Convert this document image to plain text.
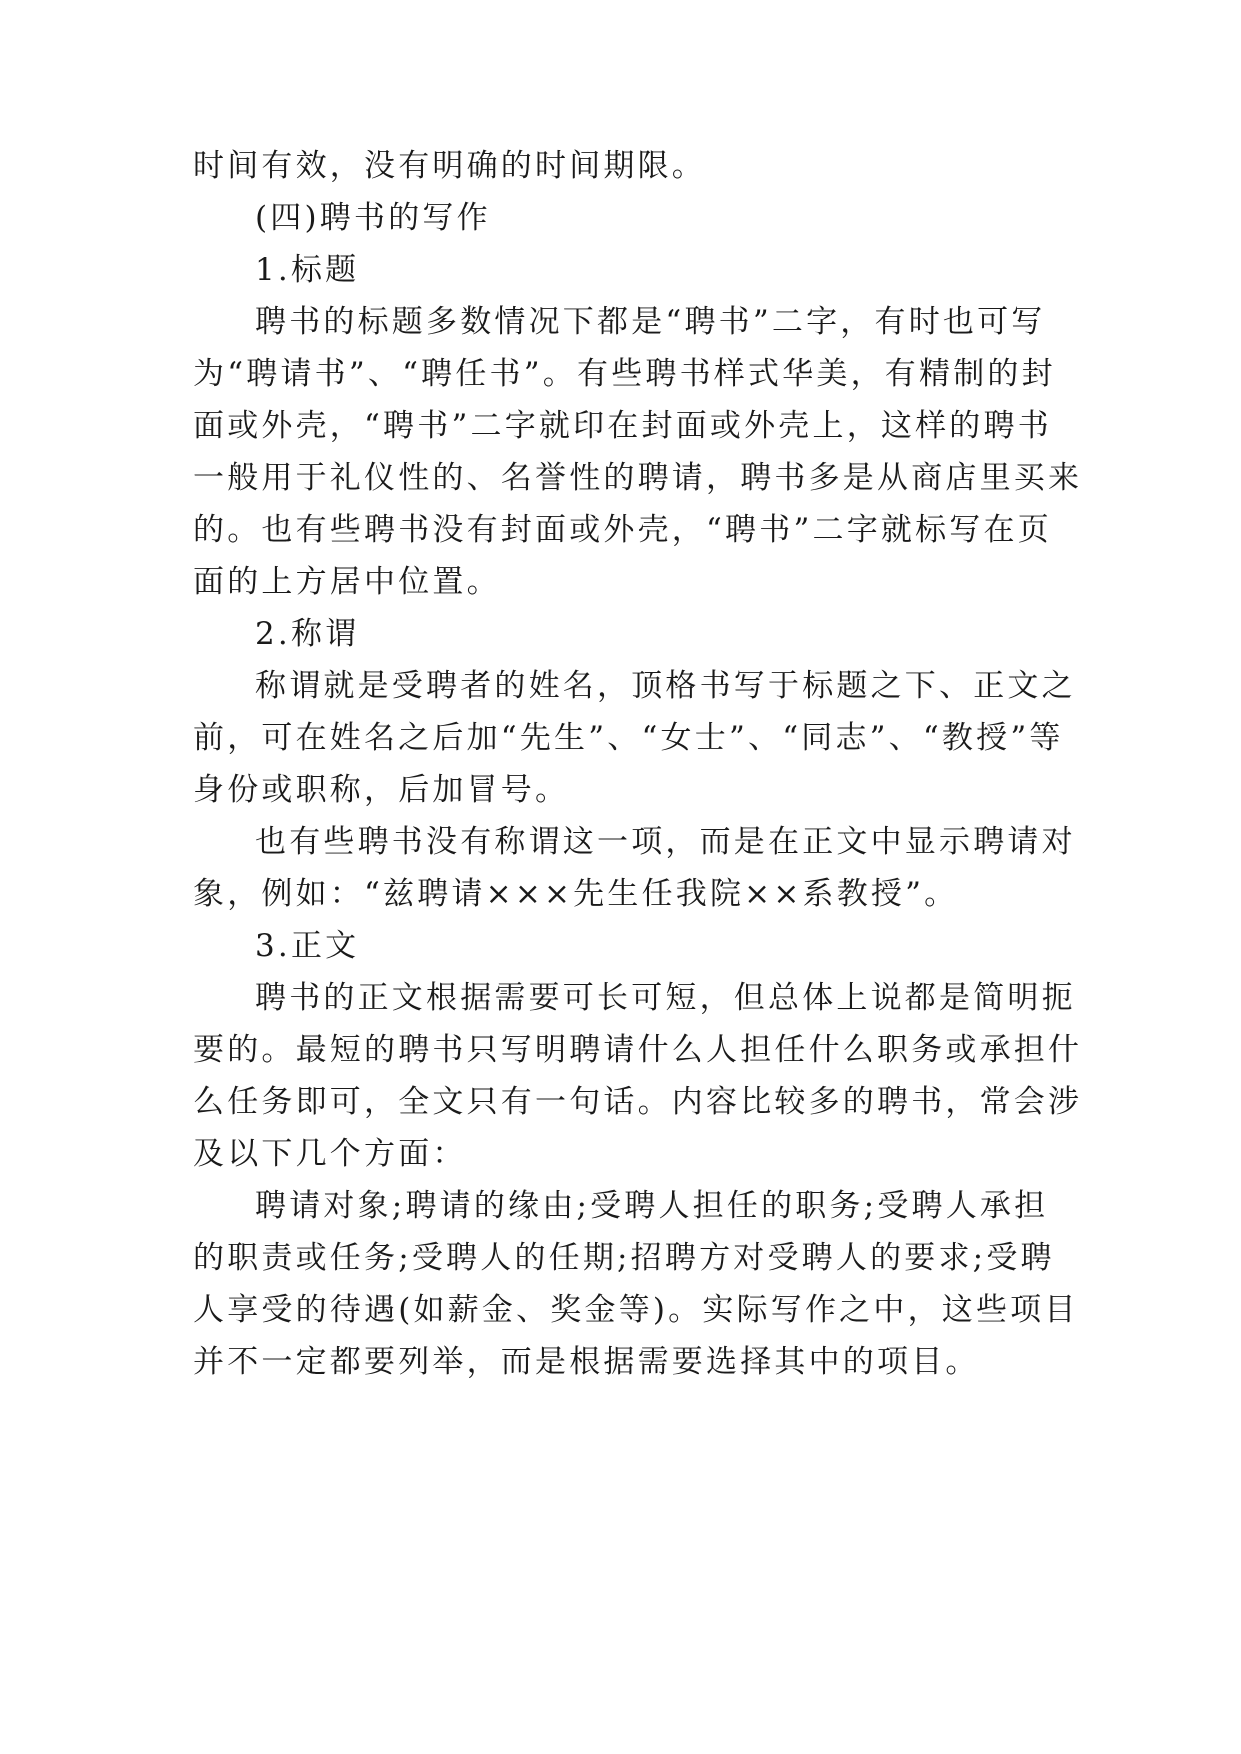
时间有效，没有明确的时间期限。
(四)聘书的写作
1.标题
聘书的标题多数情况下都是“聘书”二字，有时也可写
为“聘请书”、“聘任书”。有些聘书样式华美，有精制的封
面或外壳，“聘书”二字就印在封面或外壳上，这样的聘书
一般用于礼仪性的、名誉性的聘请，聘书多是从商店里买来
的。也有些聘书没有封面或外壳，“聘书”二字就标写在页
面的上方居中位置。
2.称谓
称谓就是受聘者的姓名，顶格书写于标题之下、正文之
前，可在姓名之后加“先生”、“女士”、“同志”、“教授”等
身份或职称，后加冒号。
也有些聘书没有称谓这一项，而是在正文中显示聘请对
象，例如：“兹聘请×××先生任我院××系教授”。
3.正文
聘书的正文根据需要可长可短，但总体上说都是简明扼
要的。最短的聘书只写明聘请什么人担任什么职务或承担什
么任务即可，全文只有一句话。内容比较多的聘书，常会涉
及以下几个方面：
聘请对象;聘请的缘由;受聘人担任的职务;受聘人承担
的职责或任务;受聘人的任期;招聘方对受聘人的要求;受聘
人享受的待遇(如薪金、奖金等)。实际写作之中，这些项目
并不一定都要列举，而是根据需要选择其中的项目。
